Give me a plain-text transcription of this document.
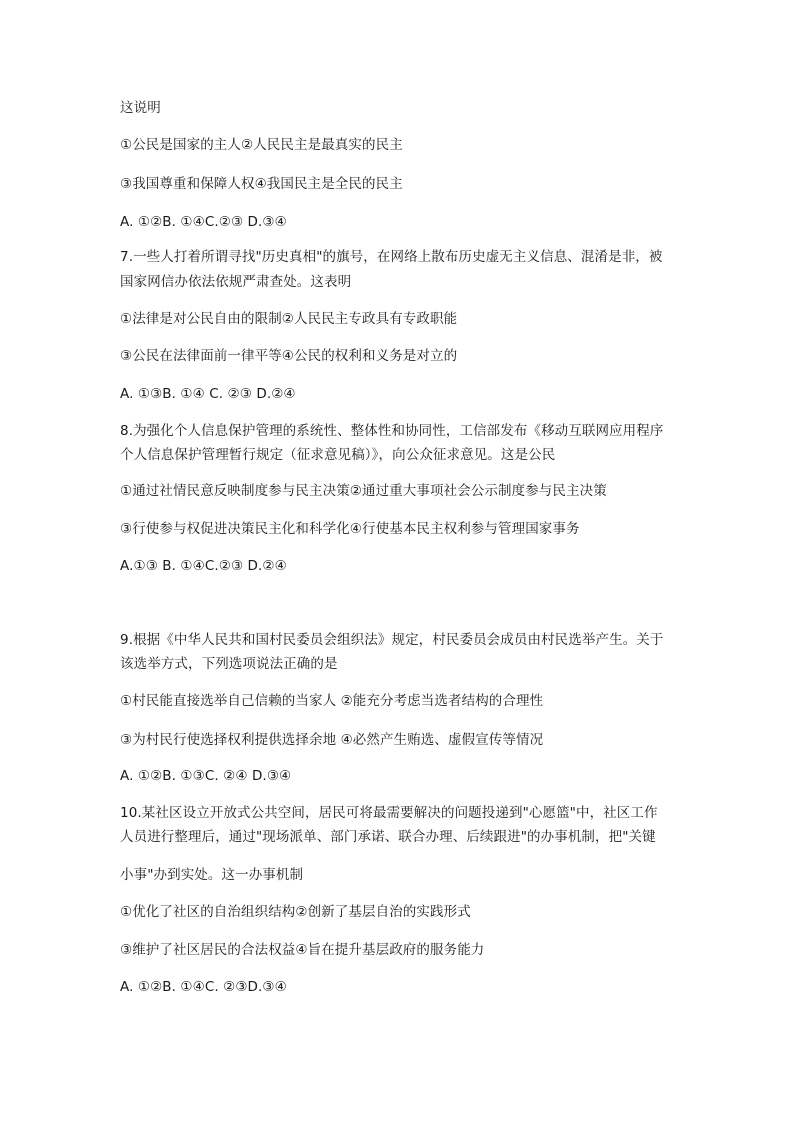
这说明
①公民是国家的主人②人民民主是最真实的民主
③我国尊重和保障人权④我国民主是全民的民主
A. ①②B. ①④C.②③ D.③④
7.一些人打着所谓寻找"历史真相"的旗号，在网络上散布历史虚无主义信息、混淆是非，被
国家网信办依法依规严肃查处。这表明
①法律是对公民自由的限制②人民民主专政具有专政职能
③公民在法律面前一律平等④公民的权利和义务是对立的
A. ①③B. ①④ C. ②③ D.②④
8.为强化个人信息保护管理的系统性、整体性和协同性，工信部发布《移动互联网应用程序
个人信息保护管理暂行规定（征求意见稿）》，向公众征求意见。这是公民
①通过社情民意反映制度参与民主决策②通过重大事项社会公示制度参与民主决策
③行使参与权促进决策民主化和科学化④行使基本民主权利参与管理国家事务
A.①③ B. ①④C.②③ D.②④
9.根据《中华人民共和国村民委员会组织法》规定，村民委员会成员由村民选举产生。关于
该选举方式，下列选项说法正确的是
①村民能直接选举自己信赖的当家人 ②能充分考虑当选者结构的合理性
③为村民行使选择权利提供选择余地 ④必然产生贿选、虚假宣传等情况
A. ①②B. ①③C. ②④ D.③④
10.某社区设立开放式公共空间，居民可将最需要解决的问题投递到"心愿篮"中，社区工作
人员进行整理后，通过"现场派单、部门承诺、联合办理、后续跟进"的办事机制，把"关键
小事"办到实处。这一办事机制
①优化了社区的自治组织结构②创新了基层自治的实践形式
③维护了社区居民的合法权益④旨在提升基层政府的服务能力
A. ①②B. ①④C. ②③D.③④
